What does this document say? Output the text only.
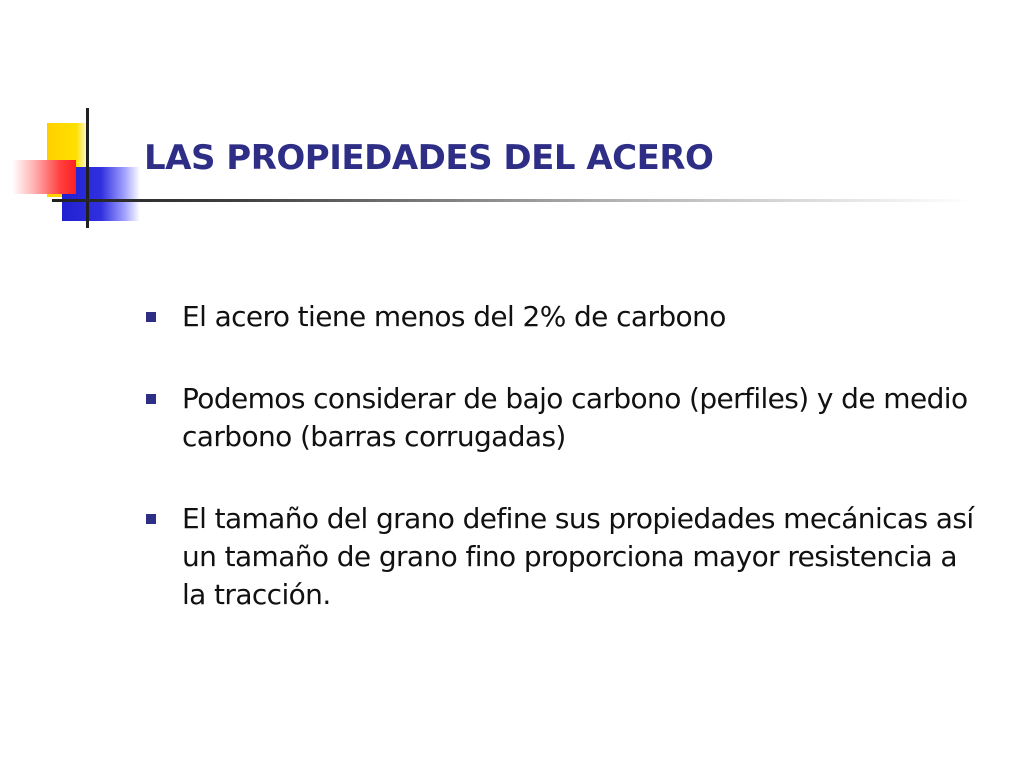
LAS PROPIEDADES DEL ACERO
El acero tiene menos del 2% de carbono
Podemos considerar de bajo carbono (perfiles) y de medio carbono (barras corrugadas)
El tamaño del grano define sus propiedades mecánicas así un tamaño de grano fino proporciona mayor resistencia a la tracción.
